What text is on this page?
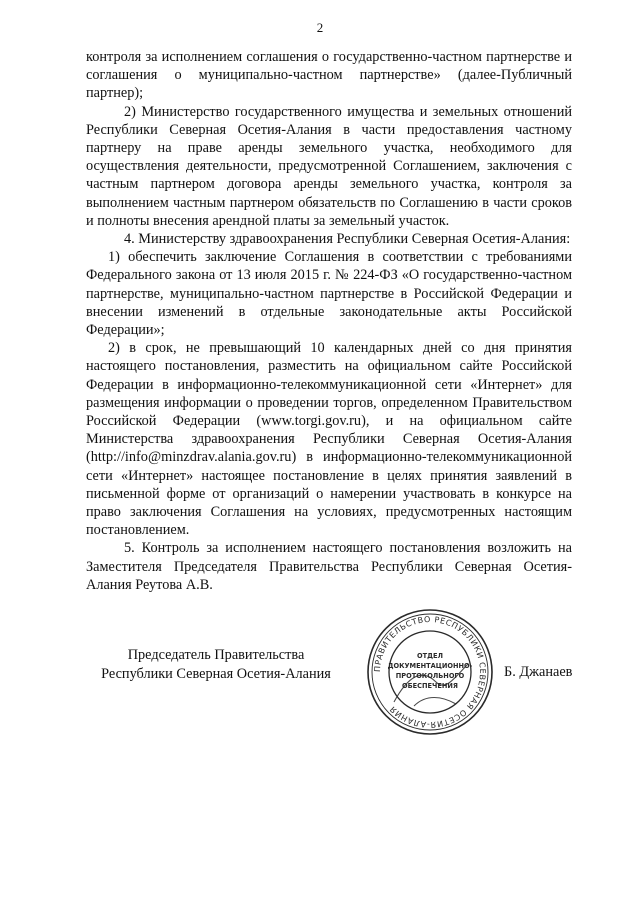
2

контроля за исполнением соглашения о государственно-частном партнерстве и соглашения о муниципально-частном партнерстве» (далее-Публичный партнер);

2) Министерство государственного имущества и земельных отношений Республики Северная Осетия-Алания в части предоставления частному партнеру на праве аренды земельного участка, необходимого для осуществления деятельности, предусмотренной Соглашением, заключения с частным партнером договора аренды земельного участка, контроля за выполнением частным партнером обязательств по Соглашению в части сроков и полноты внесения арендной платы за земельный участок.

4. Министерству здравоохранения Республики Северная Осетия-Алания:

1) обеспечить заключение Соглашения в соответствии с требованиями Федерального закона от 13 июля 2015 г. № 224-ФЗ «О государственно-частном партнерстве, муниципально-частном партнерстве в Российской Федерации и внесении изменений в отдельные законодательные акты Российской Федерации»;

2) в срок, не превышающий 10 календарных дней со дня принятия настоящего постановления, разместить на официальном сайте Российской Федерации в информационно-телекоммуникационной сети «Интернет» для размещения информации о проведении торгов, определенном Правительством Российской Федерации (www.torgi.gov.ru), и на официальном сайте Министерства здравоохранения Республики Северная Осетия-Алания (http://info@minzdrav.alania.gov.ru) в информационно-телекоммуникационной сети «Интернет» настоящее постановление в целях принятия заявлений в письменной форме от организаций о намерении участвовать в конкурсе на право заключения Соглашения на условиях, предусмотренных настоящим постановлением.

5. Контроль за исполнением настоящего постановления возложить на Заместителя Председателя Правительства Республики Северная Осетия-Алания Реутова А.В.

Председатель Правительства
Республики Северная Осетия-Алания	ПРАВИТЕЛЬСТВО РЕСПУБЛИКИ СЕВЕРНАЯ ОСЕТИЯ-АЛАНИЯ
ОТДЕЛ
ДОКУМЕНТАЦИОННО-
ПРОТОКОЛЬНОГО
ОБЕСПЕЧЕНИЯ
Б. Джанаев
